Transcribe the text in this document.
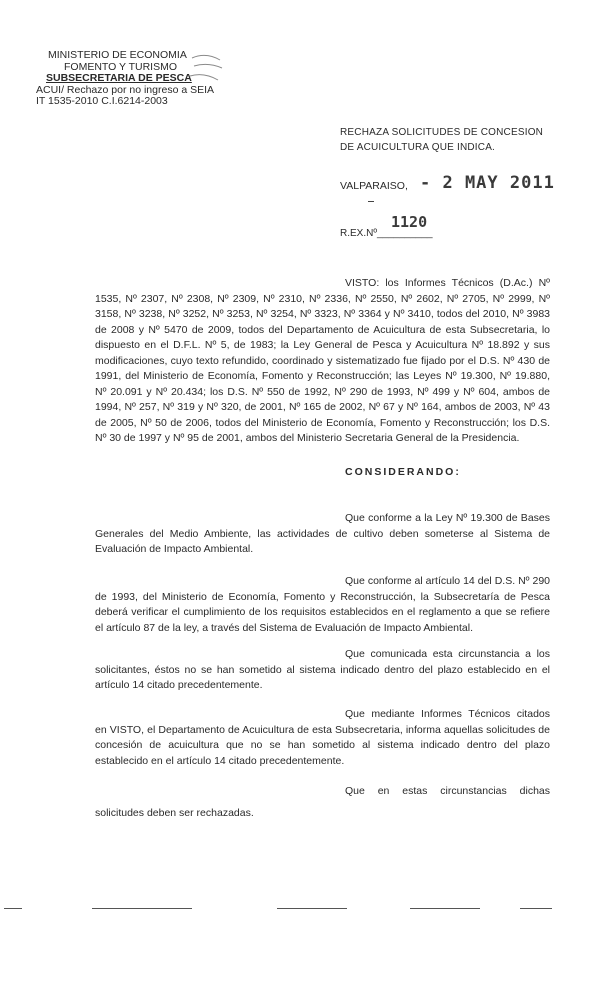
MINISTERIO DE ECONOMIA
FOMENTO Y TURISMO
SUBSECRETARIA DE PESCA
ACUI/ Rechazo por no ingreso a SEIA
IT 1535-2010 C.I.6214-2003
RECHAZA SOLICITUDES DE CONCESION DE ACUICULTURA QUE INDICA.
VALPARAISO, - 2 MAY 2011
R.EX.Nº__________
1120
VISTO: los Informes Técnicos (D.Ac.) Nº 1535, Nº 2307, Nº 2308, Nº 2309, Nº 2310, Nº 2336, Nº 2550, Nº 2602, Nº 2705, Nº 2999, Nº 3158, Nº 3238, Nº 3252, Nº 3253, Nº 3254, Nº 3323, Nº 3364 y Nº 3410, todos del 2010, Nº 3983 de 2008 y Nº 5470 de 2009, todos del Departamento de Acuicultura de esta Subsecretaria, lo dispuesto en el D.F.L. Nº 5, de 1983; la Ley General de Pesca y Acuicultura Nº 18.892 y sus modificaciones, cuyo texto refundido, coordinado y sistematizado fue fijado por el D.S. Nº 430 de 1991, del Ministerio de Economía, Fomento y Reconstrucción; las Leyes Nº 19.300, Nº 19.880, Nº 20.091 y Nº 20.434; los D.S. Nº 550 de 1992, Nº 290 de 1993, Nº 499 y Nº 604, ambos de 1994, Nº 257, Nº 319 y Nº 320, de 2001, Nº 165 de 2002, Nº 67 y Nº 164, ambos de 2003, Nº 43 de 2005, Nº 50 de 2006, todos del Ministerio de Economía, Fomento y Reconstrucción; los D.S. Nº 30 de 1997 y Nº 95 de 2001, ambos del Ministerio Secretaria General de la Presidencia.
CONSIDERANDO:
Que conforme a la Ley Nº 19.300 de Bases Generales del Medio Ambiente, las actividades de cultivo deben someterse al Sistema de Evaluación de Impacto Ambiental.
Que conforme al artículo 14 del D.S. Nº 290 de 1993, del Ministerio de Economía, Fomento y Reconstrucción, la Subsecretaría de Pesca deberá verificar el cumplimiento de los requisitos establecidos en el reglamento a que se refiere el artículo 87 de la ley, a través del Sistema de Evaluación de Impacto Ambiental.
Que comunicada esta circunstancia a los solicitantes, éstos no se han sometido al sistema indicado dentro del plazo establecido en el artículo 14 citado precedentemente.
Que mediante Informes Técnicos citados en VISTO, el Departamento de Acuicultura de esta Subsecretaria, informa aquellas solicitudes de concesión de acuicultura que no se han sometido al sistema indicado dentro del plazo establecido en el artículo 14 citado precedentemente.
Que en estas circunstancias dichas
solicitudes deben ser rechazadas.
